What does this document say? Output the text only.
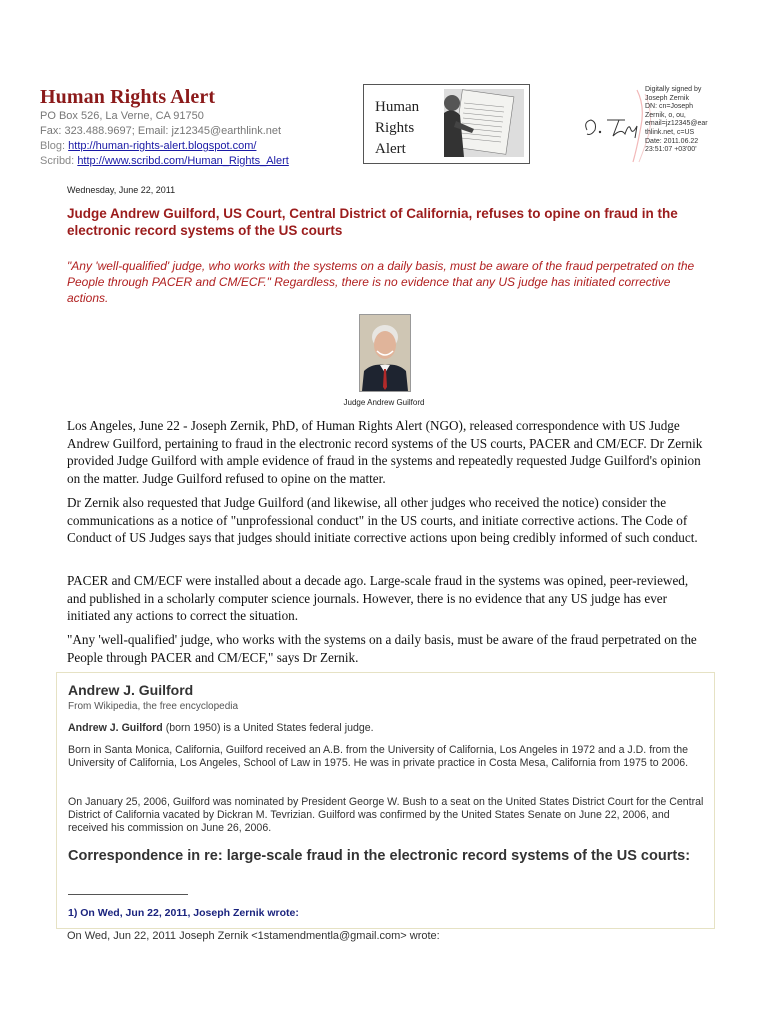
Human Rights Alert
PO Box 526, La Verne, CA 91750
Fax: 323.488.9697; Email: jz12345@earthlink.net
Blog: http://human-rights-alert.blogspot.com/
Scribd: http://www.scribd.com/Human_Rights_Alert
Human
Rights
Alert
Digitally signed by
Joseph Zernik
DN: cn=Joseph
Zernik, o, ou,
email=jz12345@ear
thlink.net, c=US
Date: 2011.06.22
23:51:07 +03'00'
Wednesday, June 22, 2011
Judge Andrew Guilford, US Court, Central District of California, refuses to opine on fraud in the electronic record systems of the US courts

"Any 'well-qualified' judge, who works with the systems on a daily basis, must be aware of the fraud perpetrated on the People through PACER and CM/ECF." Regardless, there is no evidence that any US judge has initiated corrective actions.

Judge Andrew Guilford

Los Angeles, June 22 - Joseph Zernik, PhD, of Human Rights Alert (NGO), released correspondence with US Judge Andrew Guilford, pertaining to fraud in the electronic record systems of the US courts, PACER and CM/ECF. Dr Zernik provided Judge Guilford with ample evidence of fraud in the systems and repeatedly requested Judge Guilford's opinion on the matter. Judge Guilford refused to opine on the matter.

Dr Zernik also requested that Judge Guilford (and likewise, all other judges who received the notice) consider the communications as a notice of "unprofessional conduct" in the US courts, and initiate corrective actions. The Code of Conduct of US Judges says that judges should initiate corrective actions upon being credibly informed of such conduct.

PACER and CM/ECF were installed about a decade ago. Large-scale fraud in the systems was opined, peer-reviewed, and published in a scholarly computer science journals. However, there is no evidence that any US judge has ever initiated any actions to correct the situation.

"Any 'well-qualified' judge, who works with the systems on a daily basis, must be aware of the fraud perpetrated on the People through PACER and CM/ECF," says Dr Zernik.

Andrew J. Guilford
From Wikipedia, the free encyclopedia

Andrew J. Guilford (born 1950) is a United States federal judge.

Born in Santa Monica, California, Guilford received an A.B. from the University of California, Los Angeles in 1972 and a J.D. from the University of California, Los Angeles, School of Law in 1975. He was in private practice in Costa Mesa, California from 1975 to 2006.

On January 25, 2006, Guilford was nominated by President George W. Bush to a seat on the United States District Court for the Central District of California vacated by Dickran M. Tevrizian. Guilford was confirmed by the United States Senate on June 22, 2006, and received his commission on June 26, 2006.

Correspondence in re: large-scale fraud in the electronic record systems of the US courts:
1) On Wed, Jun 22, 2011, Joseph Zernik wrote:
On Wed, Jun 22, 2011 Joseph Zernik <1stamendmentla@gmail.com> wrote:
